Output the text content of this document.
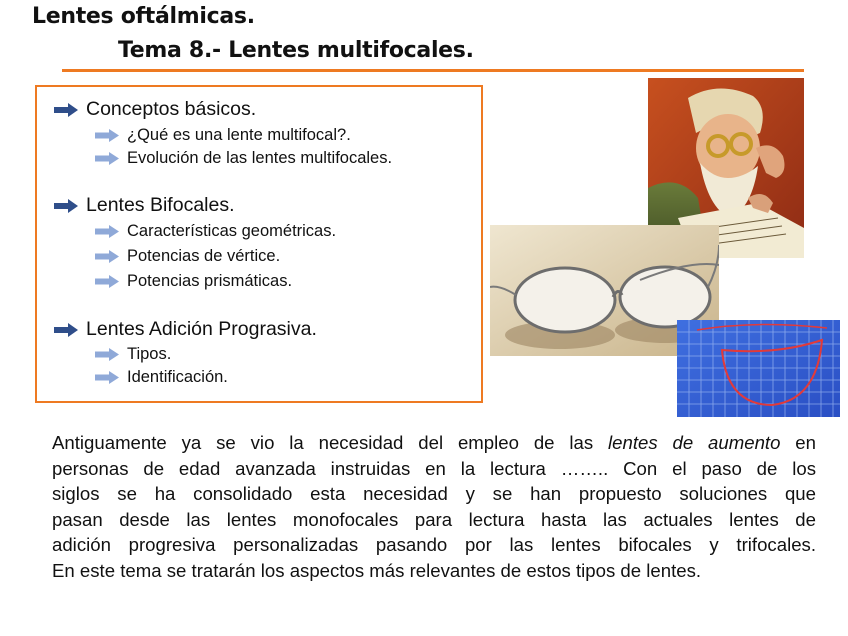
Lentes oftálmicas.
Tema 8.- Lentes multifocales.
Conceptos básicos.
¿Qué es una lente multifocal?.
Evolución de las lentes multifocales.
Lentes Bifocales.
Características geométricas.
Potencias de vértice.
Potencias prismáticas.
Lentes Adición Prograsiva.
Tipos.
Identificación.
Antiguamente ya se vio la necesidad del empleo de las lentes de aumento en
personas de edad avanzada instruidas en la lectura …….. Con el paso de los
siglos se ha consolidado esta necesidad y se han propuesto soluciones que
pasan desde las lentes monofocales para lectura hasta las actuales lentes de
adición progresiva personalizadas pasando por las lentes bifocales y trifocales.
En este tema se tratarán los aspectos más relevantes de estos tipos de lentes.
